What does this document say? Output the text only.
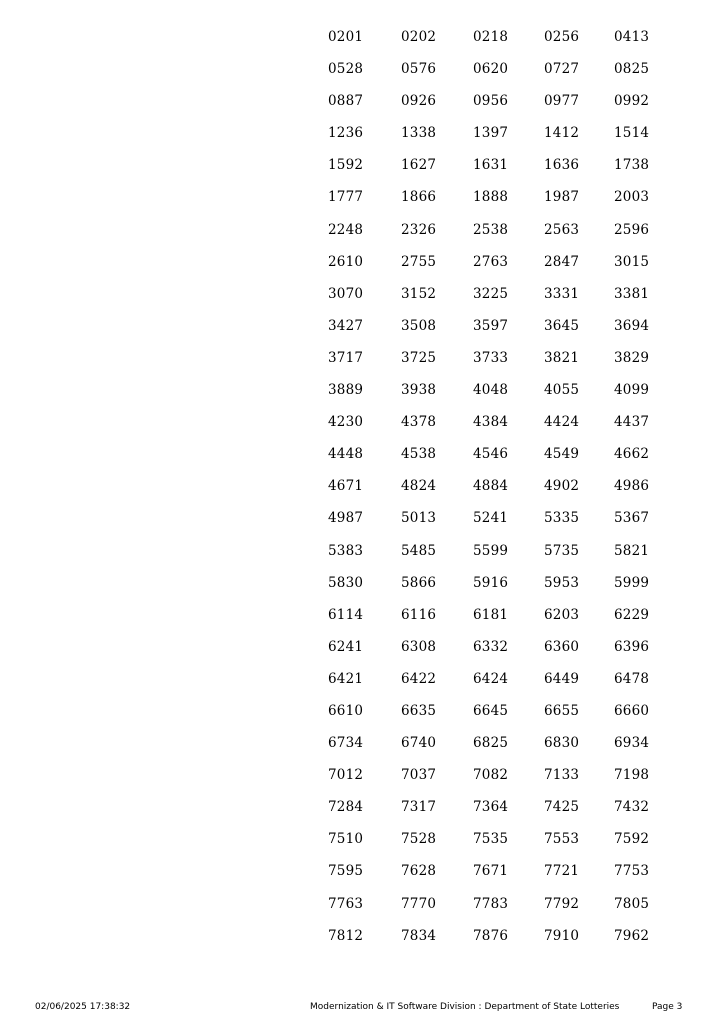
0201	0202	0218	0256	0413
0528	0576	0620	0727	0825
0887	0926	0956	0977	0992
1236	1338	1397	1412	1514
1592	1627	1631	1636	1738
1777	1866	1888	1987	2003
2248	2326	2538	2563	2596
2610	2755	2763	2847	3015
3070	3152	3225	3331	3381
3427	3508	3597	3645	3694
3717	3725	3733	3821	3829
3889	3938	4048	4055	4099
4230	4378	4384	4424	4437
4448	4538	4546	4549	4662
4671	4824	4884	4902	4986
4987	5013	5241	5335	5367
5383	5485	5599	5735	5821
5830	5866	5916	5953	5999
6114	6116	6181	6203	6229
6241	6308	6332	6360	6396
6421	6422	6424	6449	6478
6610	6635	6645	6655	6660
6734	6740	6825	6830	6934
7012	7037	7082	7133	7198
7284	7317	7364	7425	7432
7510	7528	7535	7553	7592
7595	7628	7671	7721	7753
7763	7770	7783	7792	7805
7812	7834	7876	7910	7962
02/06/2025 17:38:32	Modernization & IT Software Division : Department of State Lotteries	Page 3
